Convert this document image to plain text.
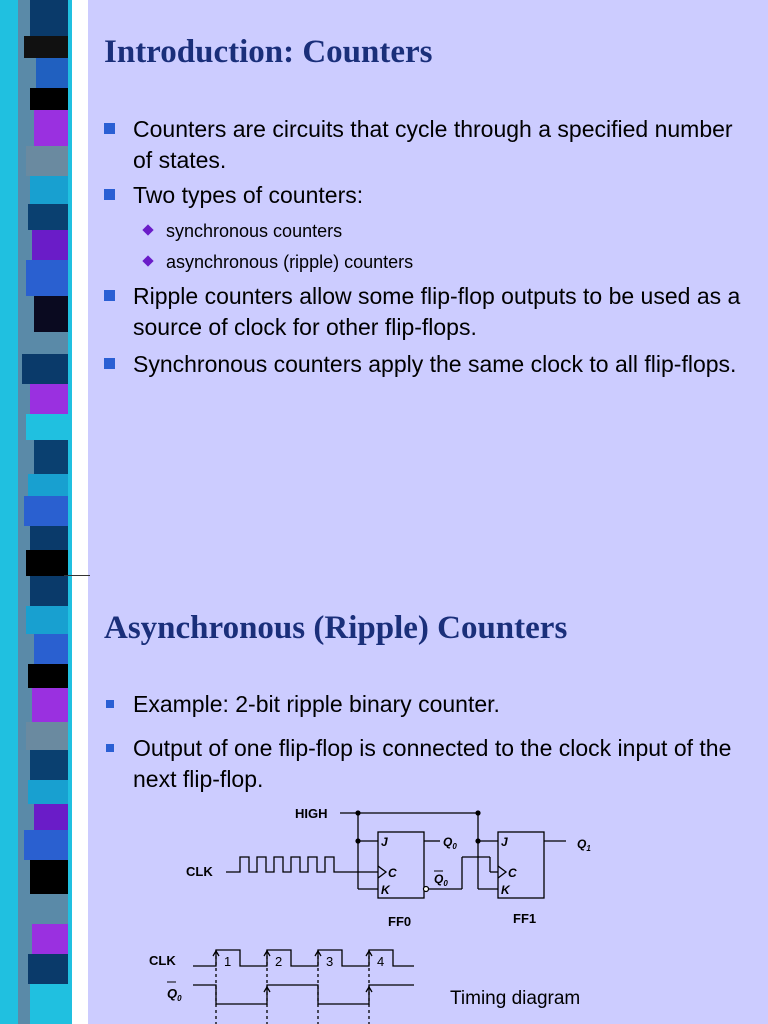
Introduction: Counters
Counters are circuits that cycle through a specified number of states.
Two types of counters:
synchronous counters
asynchronous (ripple) counters
Ripple counters allow some flip-flop outputs to be used as a source of clock for other flip-flops.
Synchronous counters apply the same clock to all flip-flops.
Asynchronous (Ripple) Counters
Example: 2-bit ripple binary counter.
Output of one flip-flop is connected to the clock input of the next flip-flop.
HIGH
CLK
J
C
K
$Q_0$
$Q_0$
J
C
K
$Q_1$
FF0	FF1
CLK
$Q_0$
1	2	3	4
Timing diagram
